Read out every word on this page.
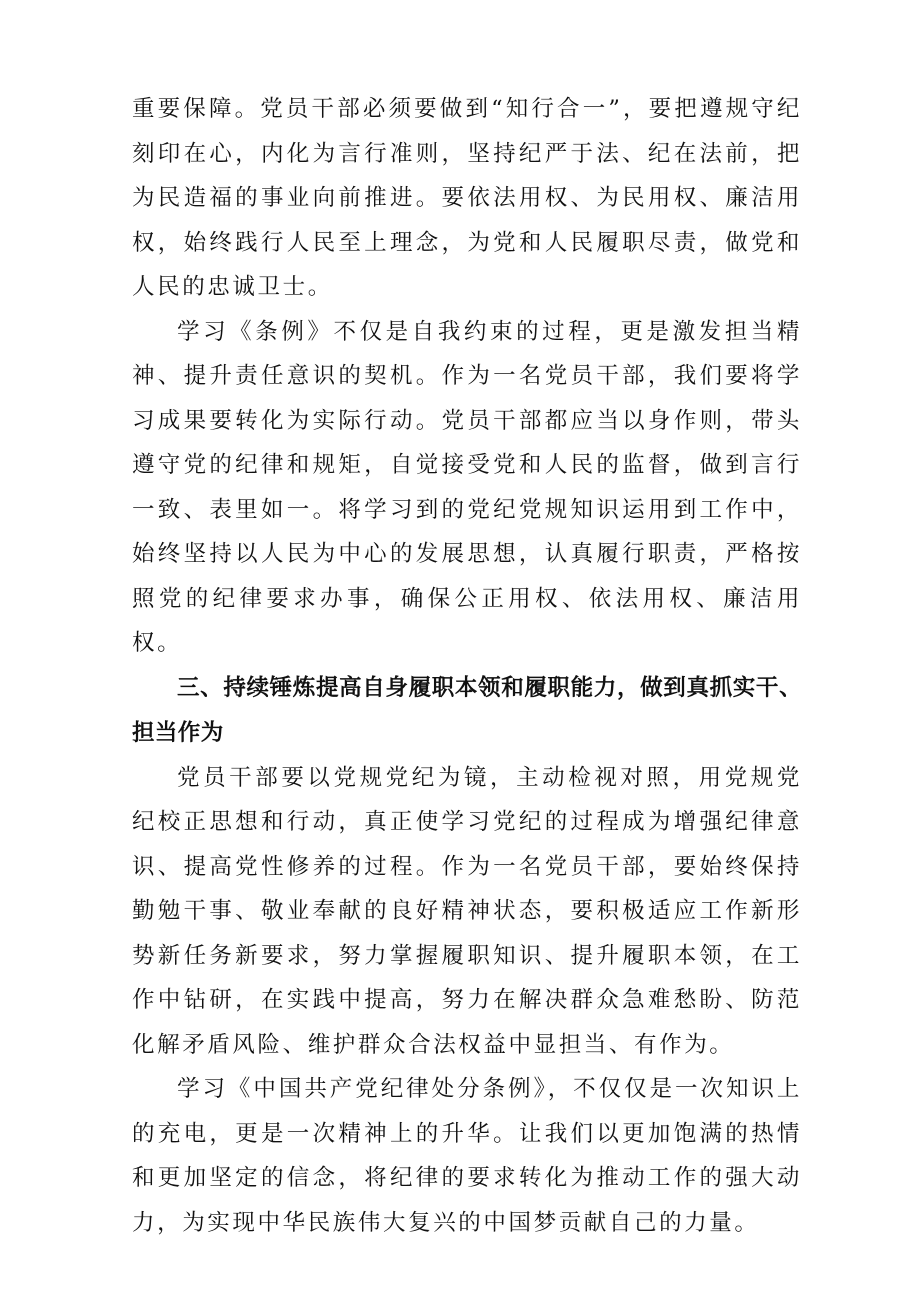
重要保障。党员干部必须要做到“知行合一”，要把遵规守纪刻印在心，内化为言行准则，坚持纪严于法、纪在法前，把为民造福的事业向前推进。要依法用权、为民用权、廉洁用权，始终践行人民至上理念，为党和人民履职尽责，做党和人民的忠诚卫士。

学习《条例》不仅是自我约束的过程，更是激发担当精神、提升责任意识的契机。作为一名党员干部，我们要将学习成果要转化为实际行动。党员干部都应当以身作则，带头遵守党的纪律和规矩，自觉接受党和人民的监督，做到言行一致、表里如一。将学习到的党纪党规知识运用到工作中，始终坚持以人民为中心的发展思想，认真履行职责，严格按照党的纪律要求办事，确保公正用权、依法用权、廉洁用权。

三、持续锤炼提高自身履职本领和履职能力，做到真抓实干、担当作为

党员干部要以党规党纪为镜，主动检视对照，用党规党纪校正思想和行动，真正使学习党纪的过程成为增强纪律意识、提高党性修养的过程。作为一名党员干部，要始终保持勤勉干事、敬业奉献的良好精神状态，要积极适应工作新形势新任务新要求，努力掌握履职知识、提升履职本领，在工作中钻研，在实践中提高，努力在解决群众急难愁盼、防范化解矛盾风险、维护群众合法权益中显担当、有作为。

学习《中国共产党纪律处分条例》，不仅仅是一次知识上的充电，更是一次精神上的升华。让我们以更加饱满的热情和更加坚定的信念，将纪律的要求转化为推动工作的强大动力，为实现中华民族伟大复兴的中国梦贡献自己的力量。
